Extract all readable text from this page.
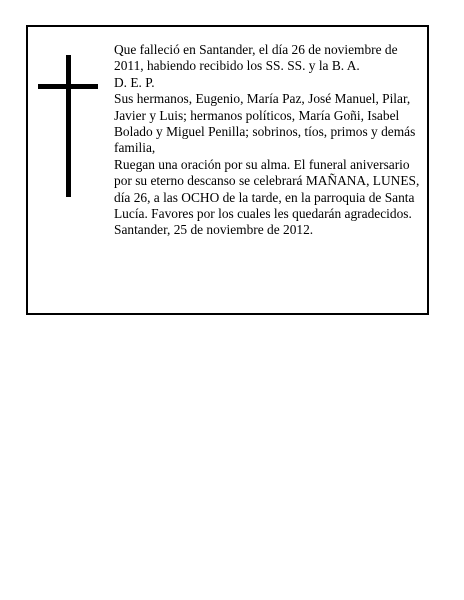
Que falleció en Santander, el día 26 de noviembre de 2011, habiendo recibido los SS. SS. y la B. A.

D. E. P.

Sus hermanos, Eugenio, María Paz, José Manuel, Pilar, Javier y Luis; hermanos políticos, María Goñi, Isabel Bolado y Miguel Penilla; sobrinos, tíos, primos y demás familia,

Ruegan una oración por su alma. El funeral aniversario por su eterno descanso se celebrará MAÑANA, LUNES, día 26, a las OCHO de la tarde, en la parroquia de Santa Lucía. Favores por los cuales les quedarán agradecidos.

Santander, 25 de noviembre de 2012.
